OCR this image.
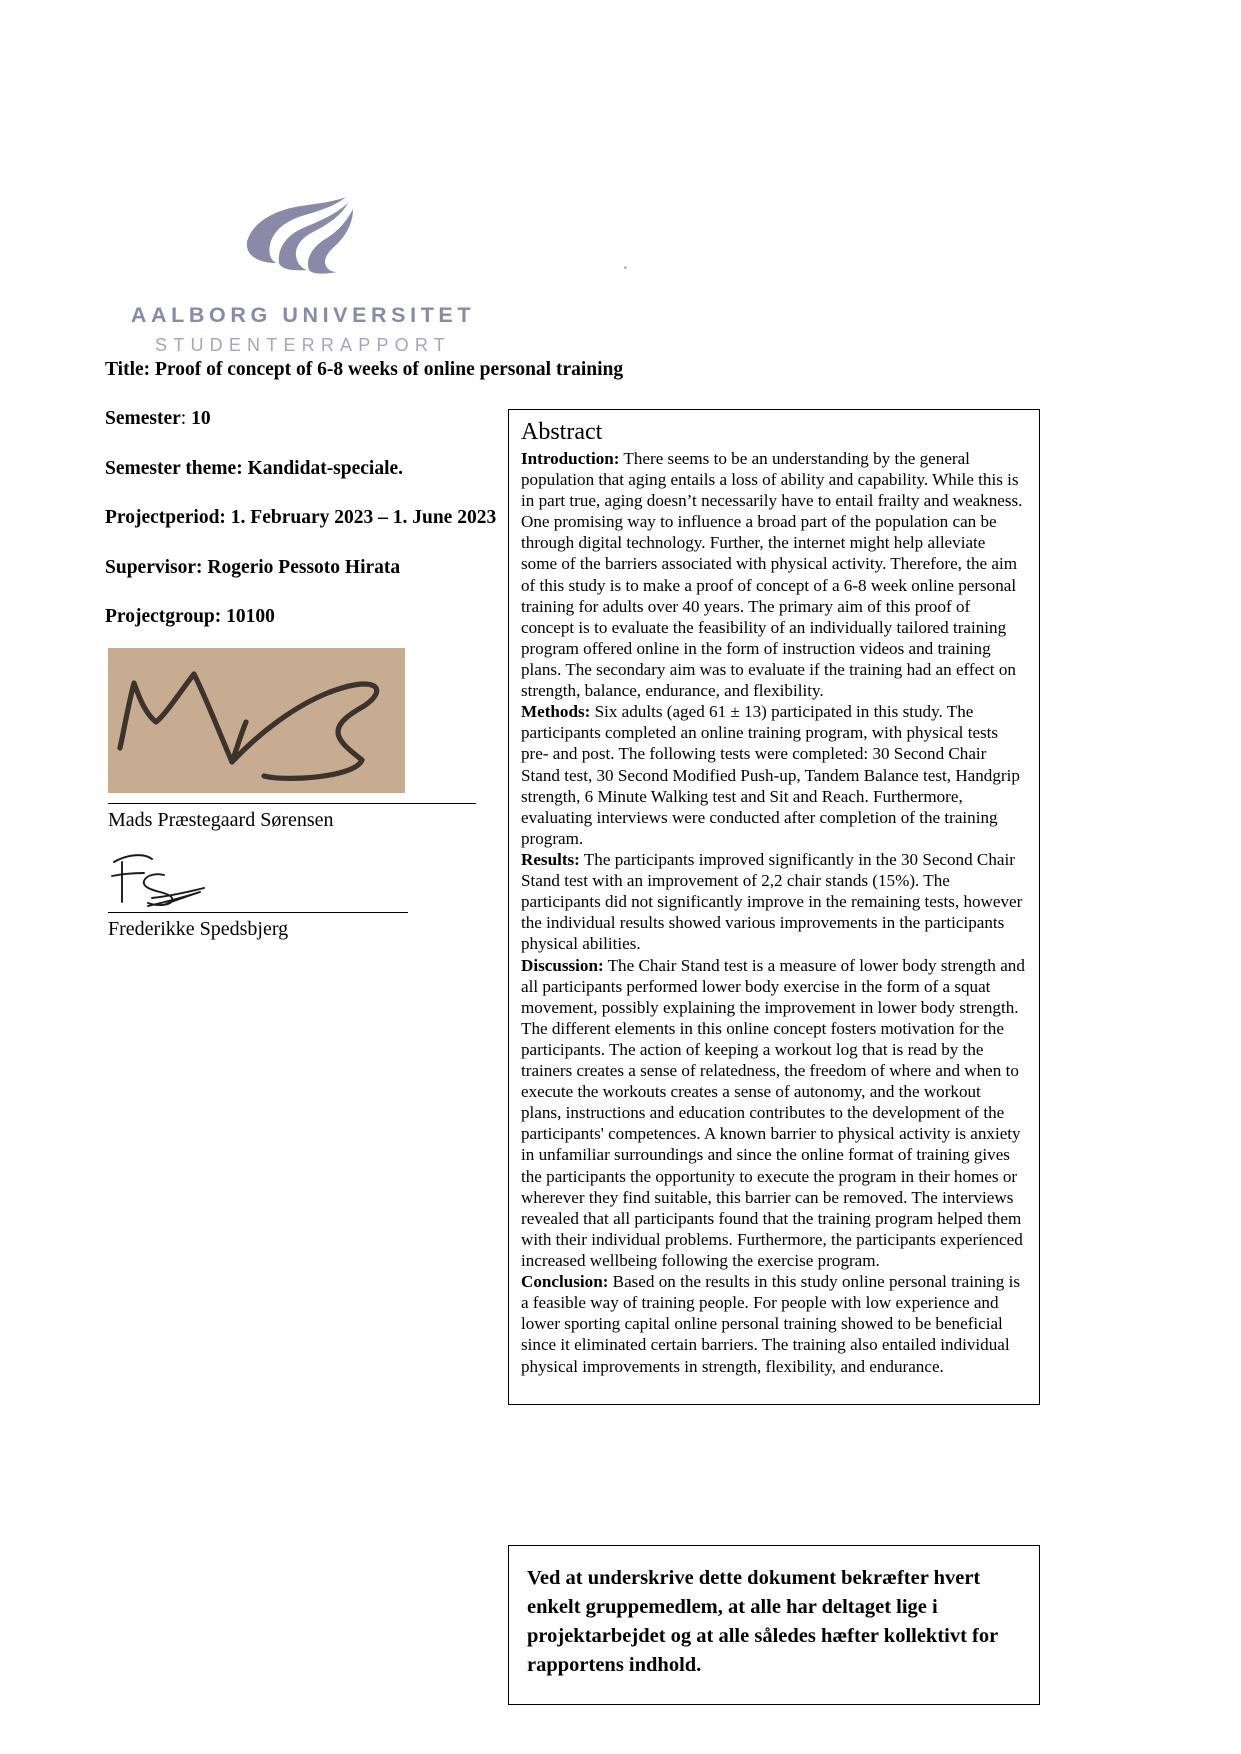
AALBORG UNIVERSITET
STUDENTERRAPPORT
Title: Proof of concept of 6-8 weeks of online personal training
Semester: 10
Semester theme: Kandidat-speciale.
Projectperiod: 1. February 2023 – 1. June 2023
Supervisor: Rogerio Pessoto Hirata
Projectgroup: 10100
Mads Præstegaard Sørensen
Frederikke Spedsbjerg
Abstract

Introduction: There seems to be an understanding by the general population that aging entails a loss of ability and capability. While this is in part true, aging doesn’t necessarily have to entail frailty and weakness. One promising way to influence a broad part of the population can be through digital technology. Further, the internet might help alleviate some of the barriers associated with physical activity. Therefore, the aim of this study is to make a proof of concept of a 6-8 week online personal training for adults over 40 years. The primary aim of this proof of concept is to evaluate the feasibility of an individually tailored training program offered online in the form of instruction videos and training plans. The secondary aim was to evaluate if the training had an effect on strength, balance, endurance, and flexibility.

Methods: Six adults (aged 61 ± 13) participated in this study. The participants completed an online training program, with physical tests pre- and post. The following tests were completed: 30 Second Chair Stand test, 30 Second Modified Push-up, Tandem Balance test, Handgrip strength, 6 Minute Walking test and Sit and Reach. Furthermore, evaluating interviews were conducted after completion of the training program.

Results: The participants improved significantly in the 30 Second Chair Stand test with an improvement of 2,2 chair stands (15%). The participants did not significantly improve in the remaining tests, however the individual results showed various improvements in the participants physical abilities.

Discussion: The Chair Stand test is a measure of lower body strength and all participants performed lower body exercise in the form of a squat movement, possibly explaining the improvement in lower body strength. The different elements in this online concept fosters motivation for the participants. The action of keeping a workout log that is read by the trainers creates a sense of relatedness, the freedom of where and when to execute the workouts creates a sense of autonomy, and the workout plans, instructions and education contributes to the development of the participants' competences. A known barrier to physical activity is anxiety in unfamiliar surroundings and since the online format of training gives the participants the opportunity to execute the program in their homes or wherever they find suitable, this barrier can be removed. The interviews revealed that all participants found that the training program helped them with their individual problems. Furthermore, the participants experienced increased wellbeing following the exercise program.

Conclusion: Based on the results in this study online personal training is a feasible way of training people. For people with low experience and lower sporting capital online personal training showed to be beneficial since it eliminated certain barriers. The training also entailed individual physical improvements in strength, flexibility, and endurance.

Ved at underskrive dette dokument bekræfter hvert enkelt gruppemedlem, at alle har deltaget lige i projektarbejdet og at alle således hæfter kollektivt for rapportens indhold.
